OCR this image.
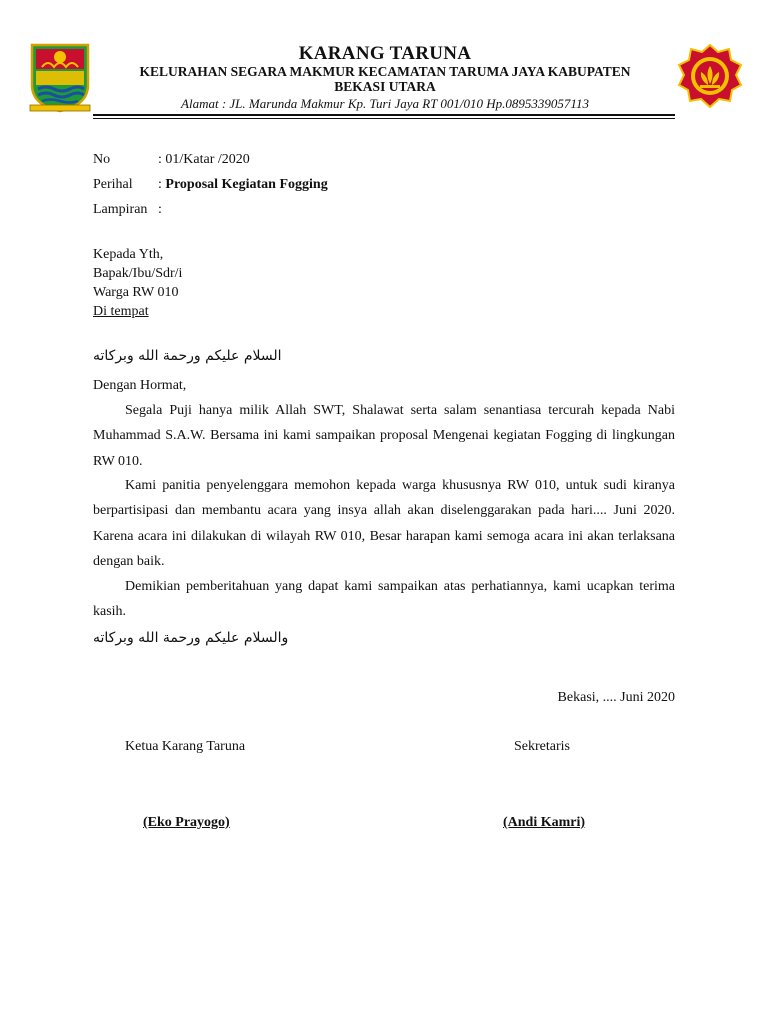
KARANG TARUNA
KELURAHAN SEGARA MAKMUR KECAMATAN TARUMA JAYA KABUPATEN
BEKASI UTARA
Alamat : JL. Marunda Makmur Kp. Turi Jaya RT 001/010 Hp.0895339057113
No	: 01/Katar /2020
Perihal : Proposal Kegiatan Fogging
Lampiran :
Kepada Yth,
Bapak/Ibu/Sdr/i
Warga RW 010
Di tempat
السلام عليكم ورحمة الله وبركاته
Dengan Hormat,
Segala Puji hanya milik Allah SWT, Shalawat serta salam senantiasa tercurah kepada Nabi Muhammad S.A.W. Bersama ini kami sampaikan proposal Mengenai kegiatan Fogging di lingkungan RW 010.
Kami panitia penyelenggara memohon kepada warga khususnya RW 010, untuk sudi kiranya berpartisipasi dan membantu acara yang insya allah akan diselenggarakan pada hari.... Juni 2020. Karena acara ini dilakukan di wilayah RW 010, Besar harapan kami semoga acara ini akan terlaksana dengan baik.
Demikian pemberitahuan yang dapat kami sampaikan atas perhatiannya, kami ucapkan terima kasih.
والسلام عليكم ورحمة الله وبركاته
Bekasi, .... Juni 2020
Ketua Karang Taruna	Sekretaris
(Eko Prayogo)	(Andi Kamri)
